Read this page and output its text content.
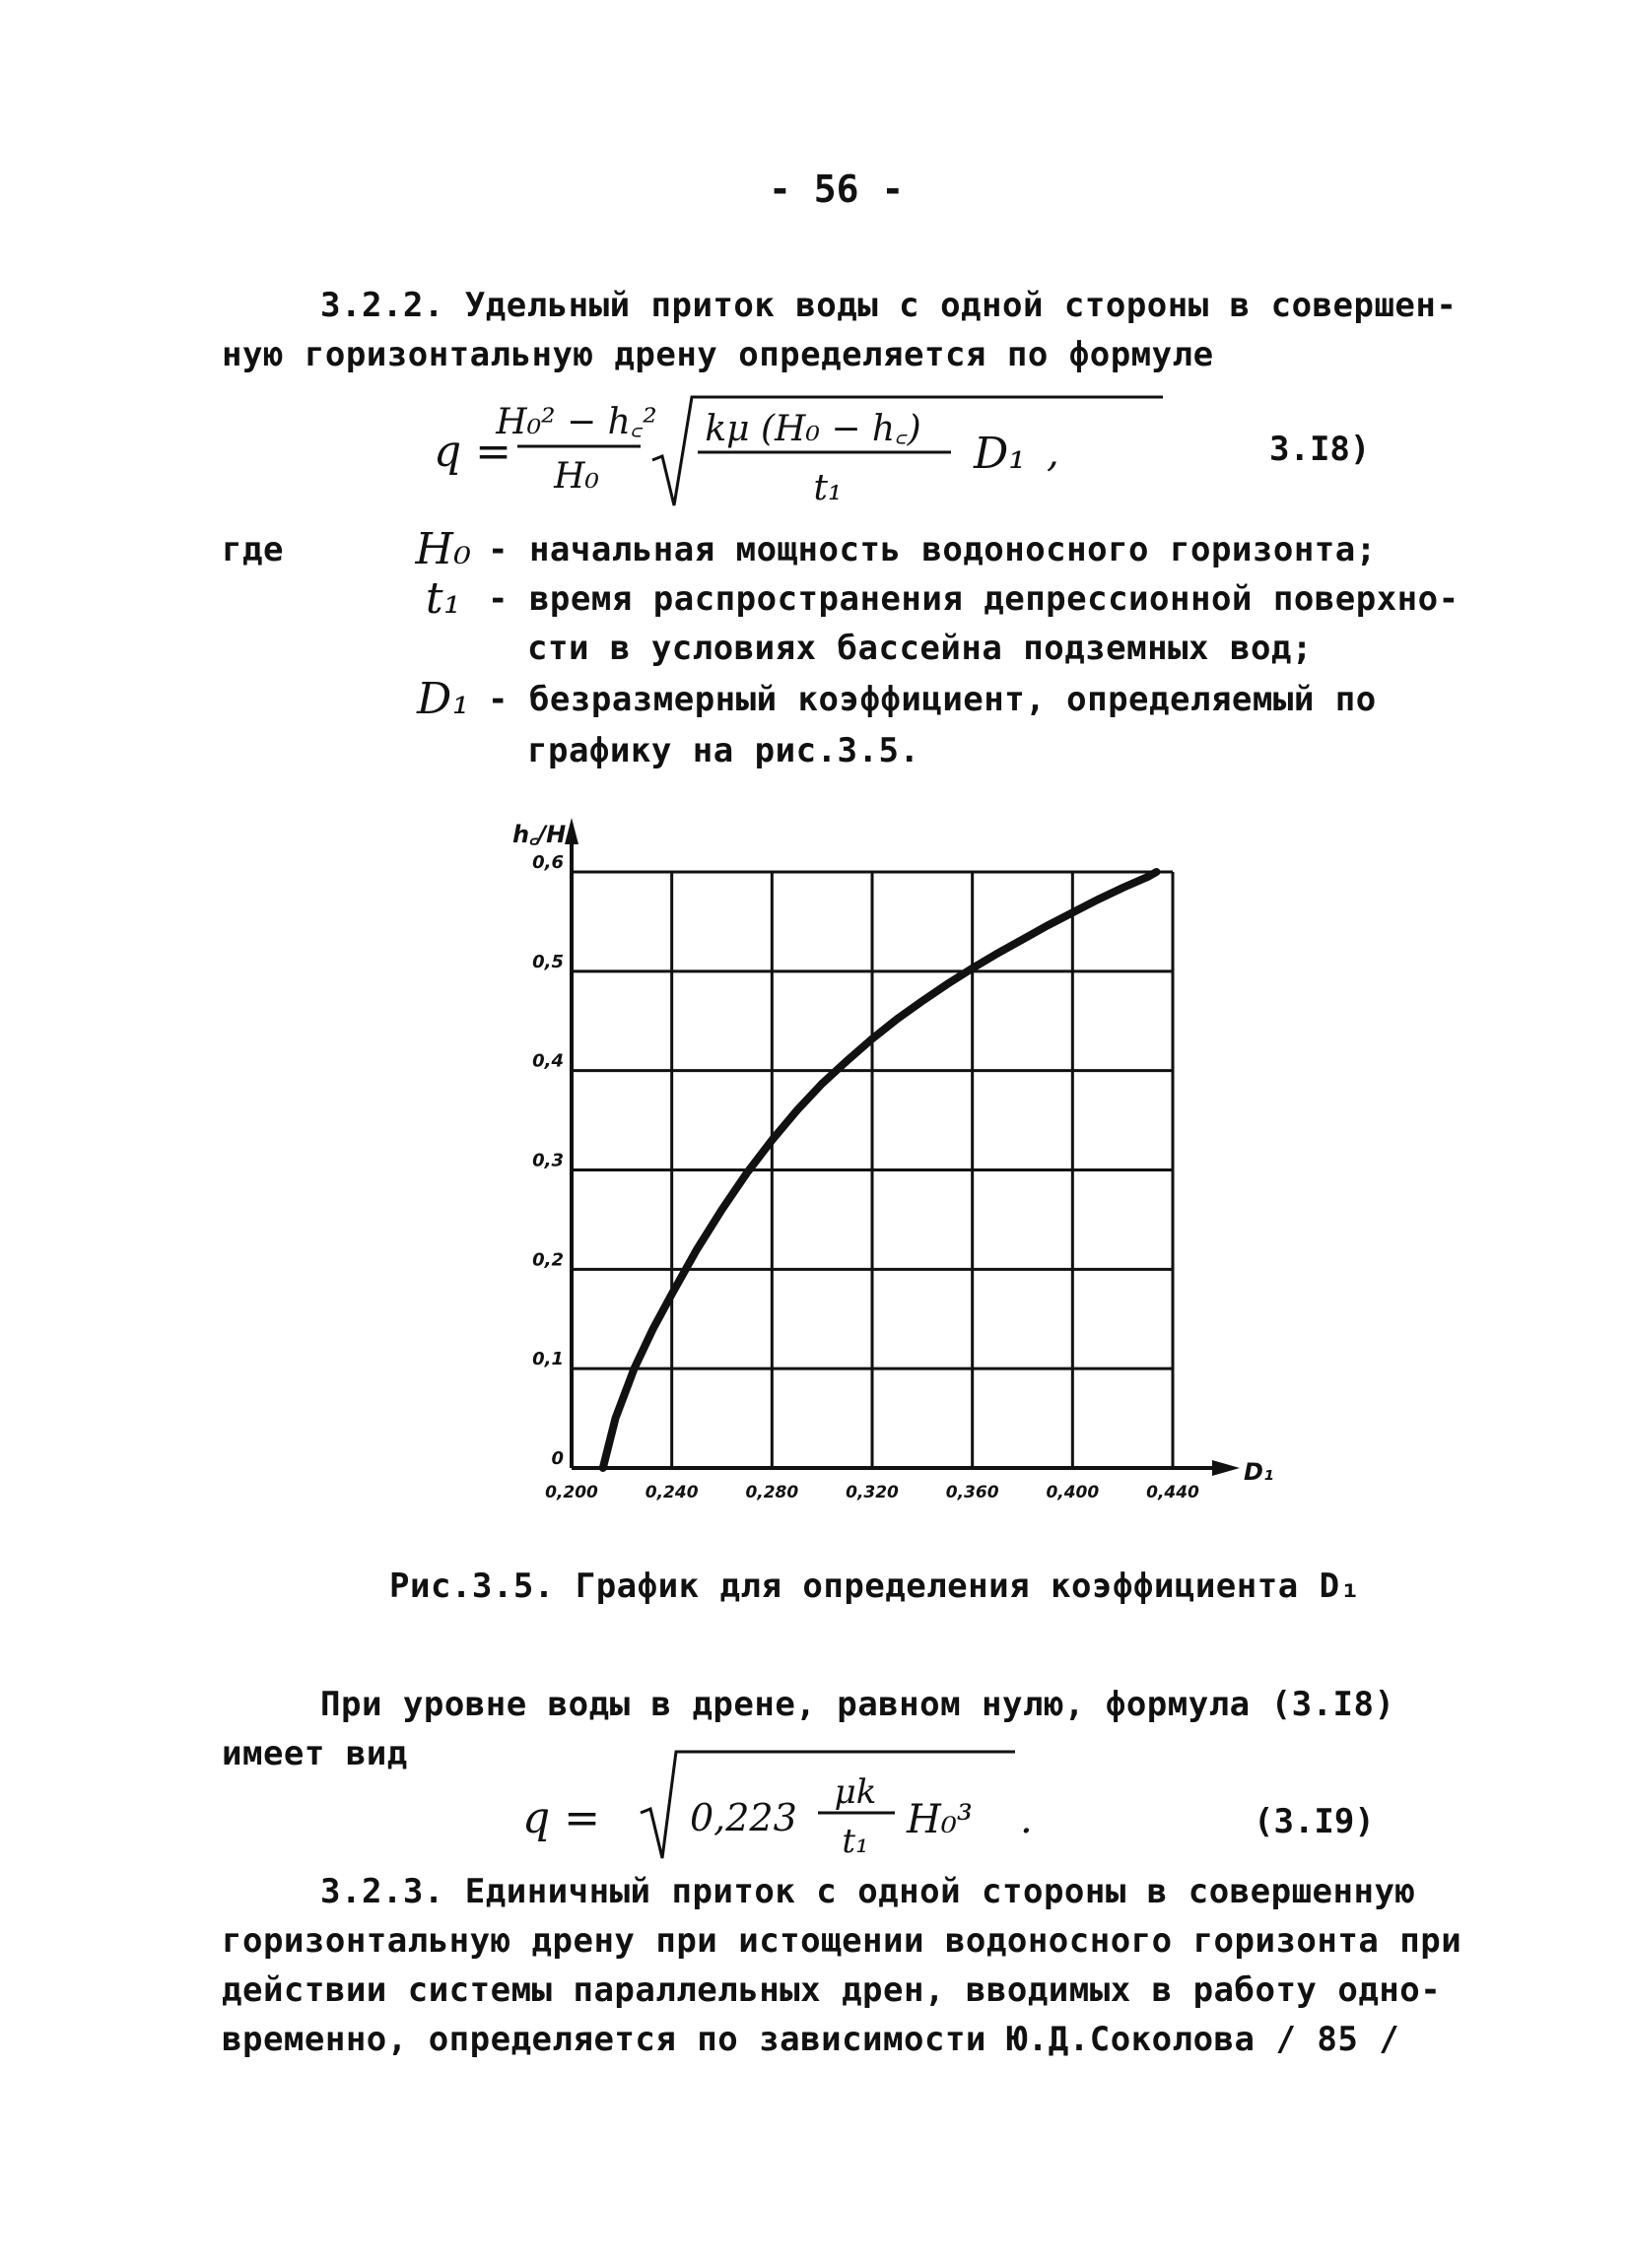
- 56 -
3.2.2. Удельный приток воды с одной стороны в совершен-
ную горизонтальную дрену определяется по формуле
q =
H₀² − h꜀²
H₀
kμ (H₀ − h꜀)
t₁
D₁ ,	3.I8)
где	H₀ - начальная мощность водоносного горизонта;
t₁ - время распространения депрессионной поверхно-
сти в условиях бассейна подземных вод;
D₁ - безразмерный коэффициент, определяемый по
графику на рис.3.5.
D₁
h꜀/H₀
0,200	0,240	0,280	0,320	0,360	0,400	0,440
0
0,1
0,2
0,3
0,4
0,5
0,6
Рис.3.5. График для определения коэффициента D₁
При уровне воды в дрене, равном нулю, формула (3.I8)
имеет вид
q = 0,223
μk
t₁ H₀³ .	(3.I9)
3.2.3. Единичный приток с одной стороны в совершенную
горизонтальную дрену при истощении водоносного горизонта при
действии системы параллельных дрен, вводимых в работу одно-
временно, определяется по зависимости Ю.Д.Соколова / 85 /
